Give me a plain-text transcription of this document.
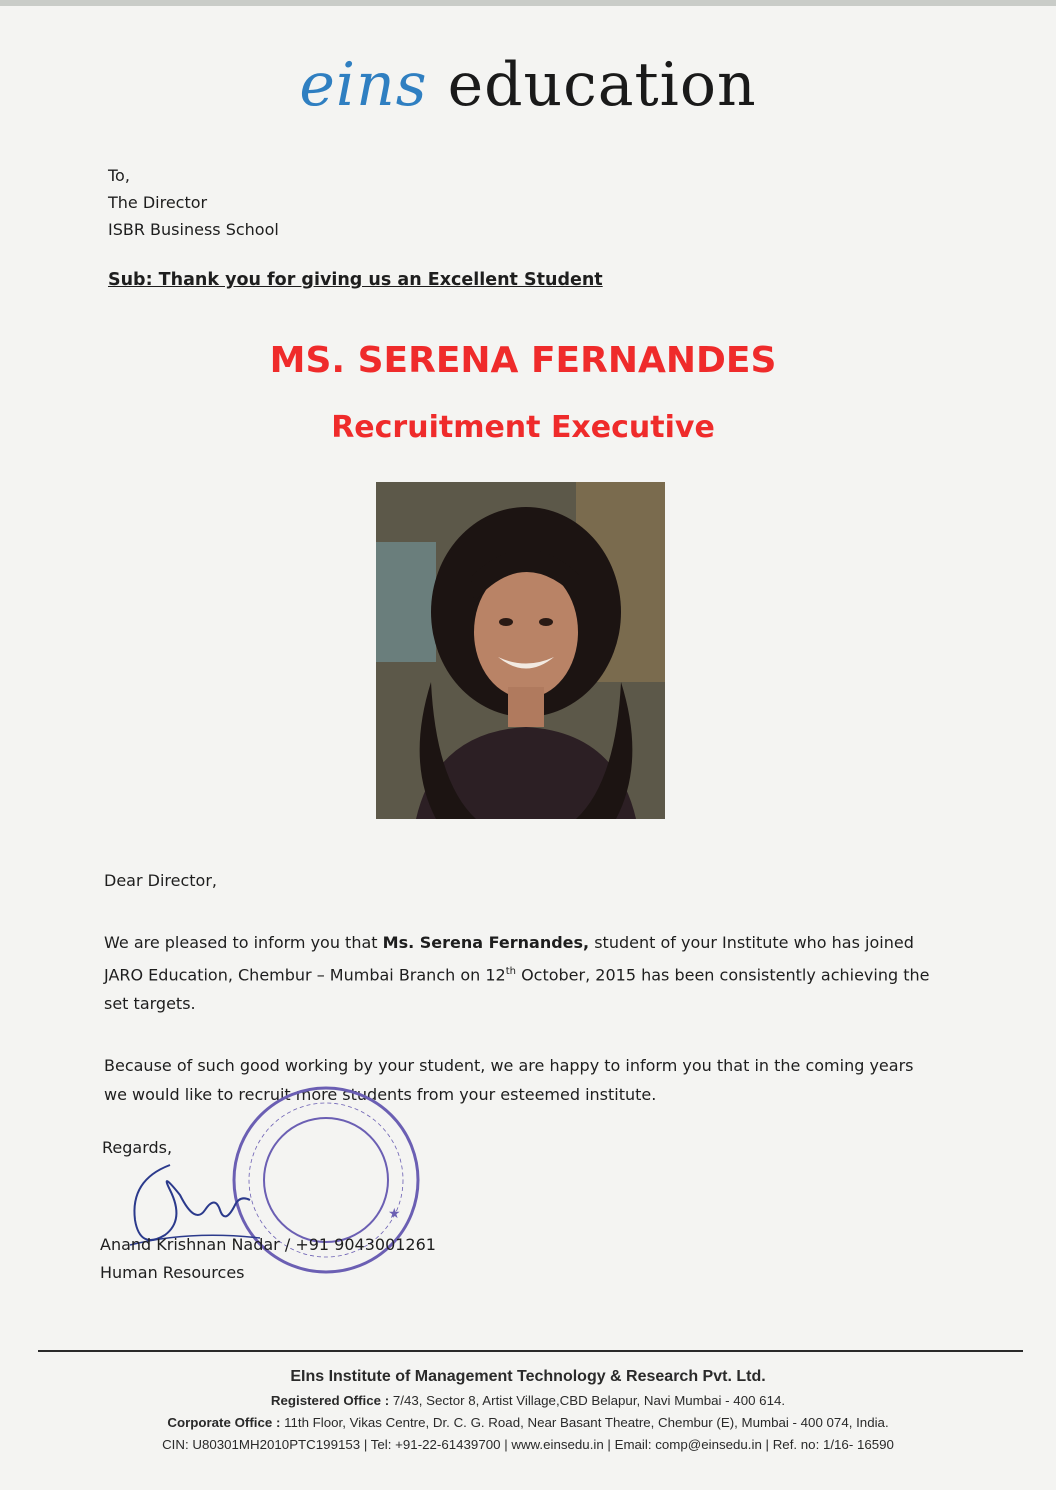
eins education
To,
The Director
ISBR Business School
Sub: Thank you for giving us an Excellent Student
MS. SERENA FERNANDES
Recruitment Executive
Dear Director,
We are pleased to inform you that Ms. Serena Fernandes, student of your Institute who has joined JARO Education, Chembur – Mumbai Branch on 12th October, 2015 has been consistently achieving the set targets.
Because of such good working by your student, we are happy to inform you that in the coming years we would like to recruit more students from your esteemed institute.
Regards,
★
Anand Krishnan Nadar / +91 9043001261
Human Resources
EIns Institute of Management Technology & Research Pvt. Ltd.
Registered Office : 7/43, Sector 8, Artist Village,CBD Belapur, Navi Mumbai - 400 614.
Corporate Office : 11th Floor, Vikas Centre, Dr. C. G. Road, Near Basant Theatre, Chembur (E), Mumbai - 400 074, India.
CIN: U80301MH2010PTC199153 | Tel: +91-22-61439700 | www.einsedu.in | Email: comp@einsedu.in | Ref. no: 1/16- 16590
